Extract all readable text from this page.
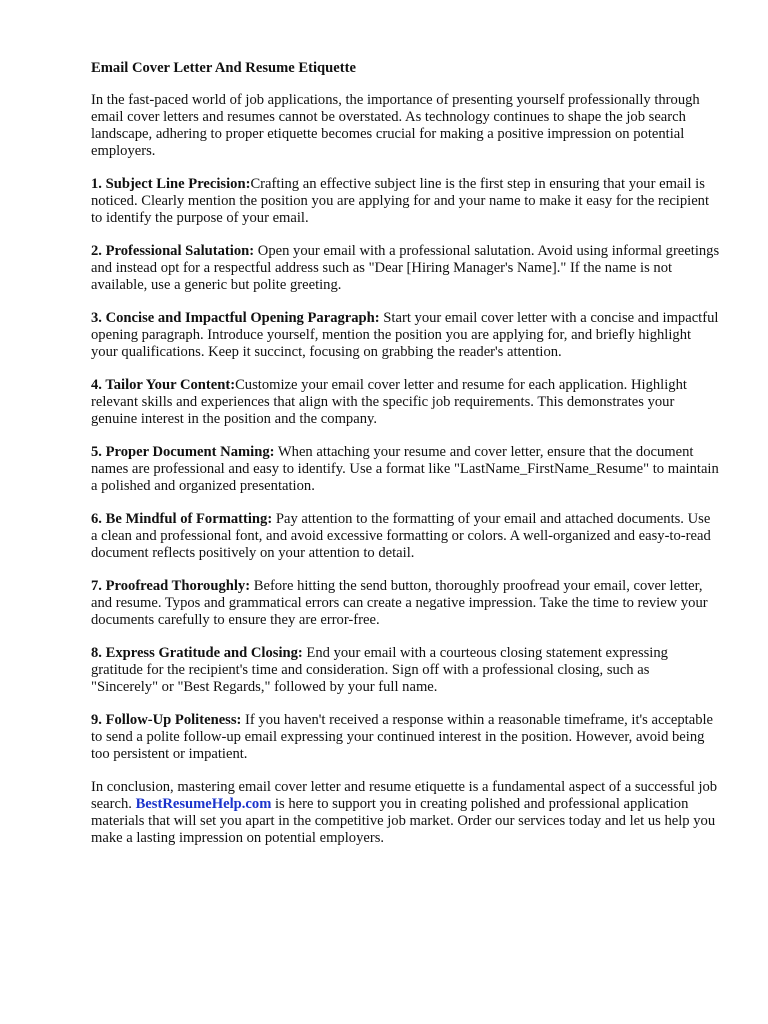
Email Cover Letter And Resume Etiquette

In the fast-paced world of job applications, the importance of presenting yourself professionally through email cover letters and resumes cannot be overstated. As technology continues to shape the job search landscape, adhering to proper etiquette becomes crucial for making a positive impression on potential employers.

1. Subject Line Precision:Crafting an effective subject line is the first step in ensuring that your email is noticed. Clearly mention the position you are applying for and your name to make it easy for the recipient to identify the purpose of your email.

2. Professional Salutation: Open your email with a professional salutation. Avoid using informal greetings and instead opt for a respectful address such as "Dear [Hiring Manager's Name]." If the name is not available, use a generic but polite greeting.

3. Concise and Impactful Opening Paragraph: Start your email cover letter with a concise and impactful opening paragraph. Introduce yourself, mention the position you are applying for, and briefly highlight your qualifications. Keep it succinct, focusing on grabbing the reader's attention.

4. Tailor Your Content:Customize your email cover letter and resume for each application. Highlight relevant skills and experiences that align with the specific job requirements. This demonstrates your genuine interest in the position and the company.

5. Proper Document Naming: When attaching your resume and cover letter, ensure that the document names are professional and easy to identify. Use a format like "LastName_FirstName_Resume" to maintain a polished and organized presentation.

6. Be Mindful of Formatting: Pay attention to the formatting of your email and attached documents. Use a clean and professional font, and avoid excessive formatting or colors. A well-organized and easy-to-read document reflects positively on your attention to detail.

7. Proofread Thoroughly: Before hitting the send button, thoroughly proofread your email, cover letter, and resume. Typos and grammatical errors can create a negative impression. Take the time to review your documents carefully to ensure they are error-free.

8. Express Gratitude and Closing: End your email with a courteous closing statement expressing gratitude for the recipient's time and consideration. Sign off with a professional closing, such as "Sincerely" or "Best Regards," followed by your full name.

9. Follow-Up Politeness: If you haven't received a response within a reasonable timeframe, it's acceptable to send a polite follow-up email expressing your continued interest in the position. However, avoid being too persistent or impatient.

In conclusion, mastering email cover letter and resume etiquette is a fundamental aspect of a successful job search. BestResumeHelp.com is here to support you in creating polished and professional application materials that will set you apart in the competitive job market. Order our services today and let us help you make a lasting impression on potential employers.
